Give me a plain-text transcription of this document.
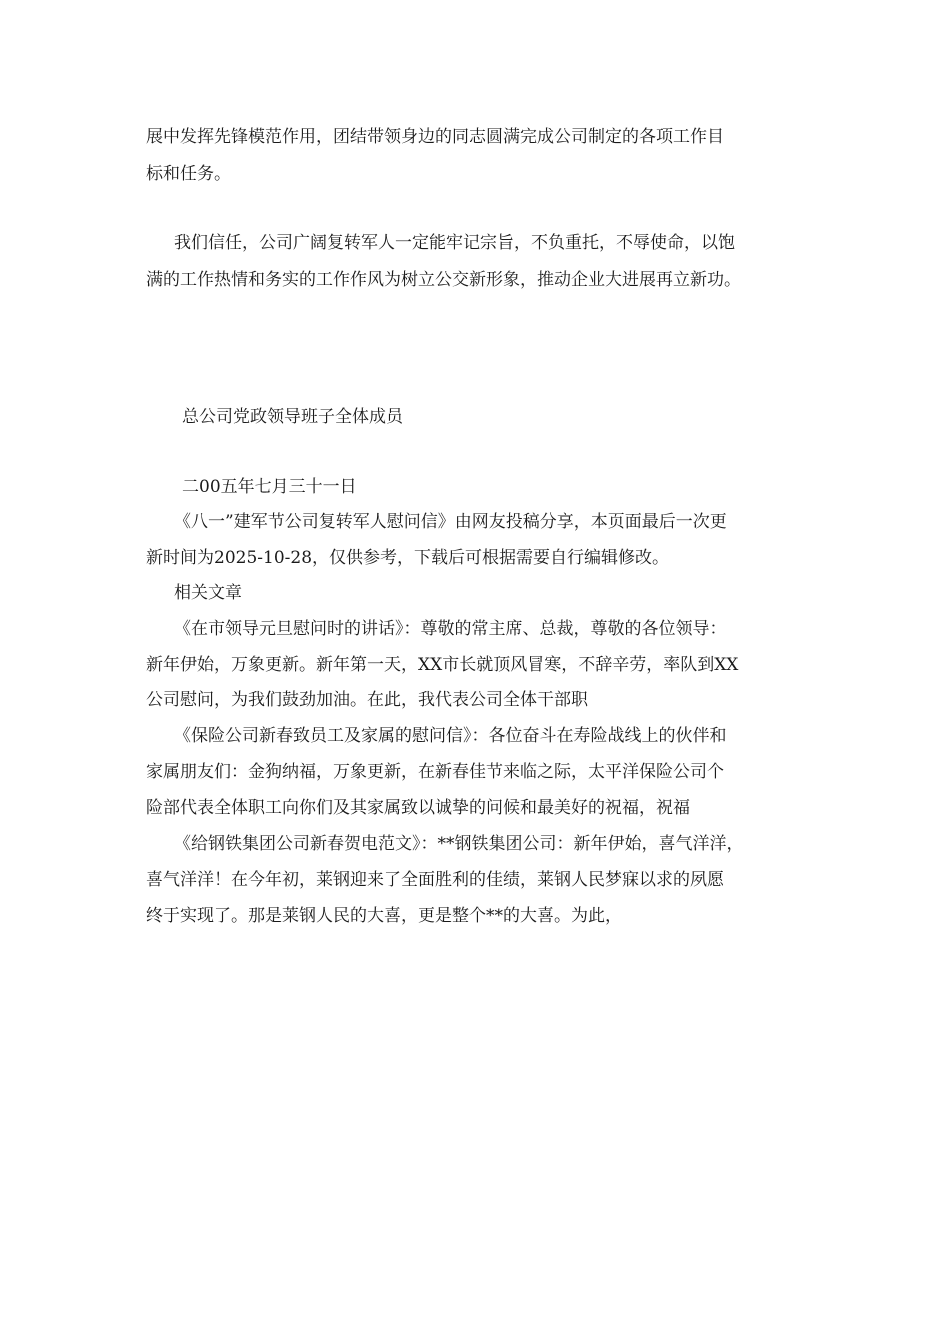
展中发挥先锋模范作用，团结带领身边的同志圆满完成公司制定的各项工作目
标和任务。
我们信任，公司广阔复转军人一定能牢记宗旨，不负重托，不辱使命，以饱
满的工作热情和务实的工作作风为树立公交新形象，推动企业大进展再立新功。
总公司党政领导班子全体成员
二00五年七月三十一日
《八一”建军节公司复转军人慰问信》由网友投稿分享，本页面最后一次更
新时间为2025-10-28，仅供参考，下载后可根据需要自行编辑修改。
相关文章
《在市领导元旦慰问时的讲话》：尊敬的常主席、总裁，尊敬的各位领导：
新年伊始，万象更新。新年第一天，XX市长就顶风冒寒，不辞辛劳，率队到XX
公司慰问，为我们鼓劲加油。在此，我代表公司全体干部职
《保险公司新春致员工及家属的慰问信》：各位奋斗在寿险战线上的伙伴和
家属朋友们：金狗纳福，万象更新，在新春佳节来临之际，太平洋保险公司个
险部代表全体职工向你们及其家属致以诚挚的问候和最美好的祝福，祝福
《给钢铁集团公司新春贺电范文》：**钢铁集团公司：新年伊始，喜气洋洋，
喜气洋洋！在今年初，莱钢迎来了全面胜利的佳绩，莱钢人民梦寐以求的夙愿
终于实现了。那是莱钢人民的大喜，更是整个**的大喜。为此，
